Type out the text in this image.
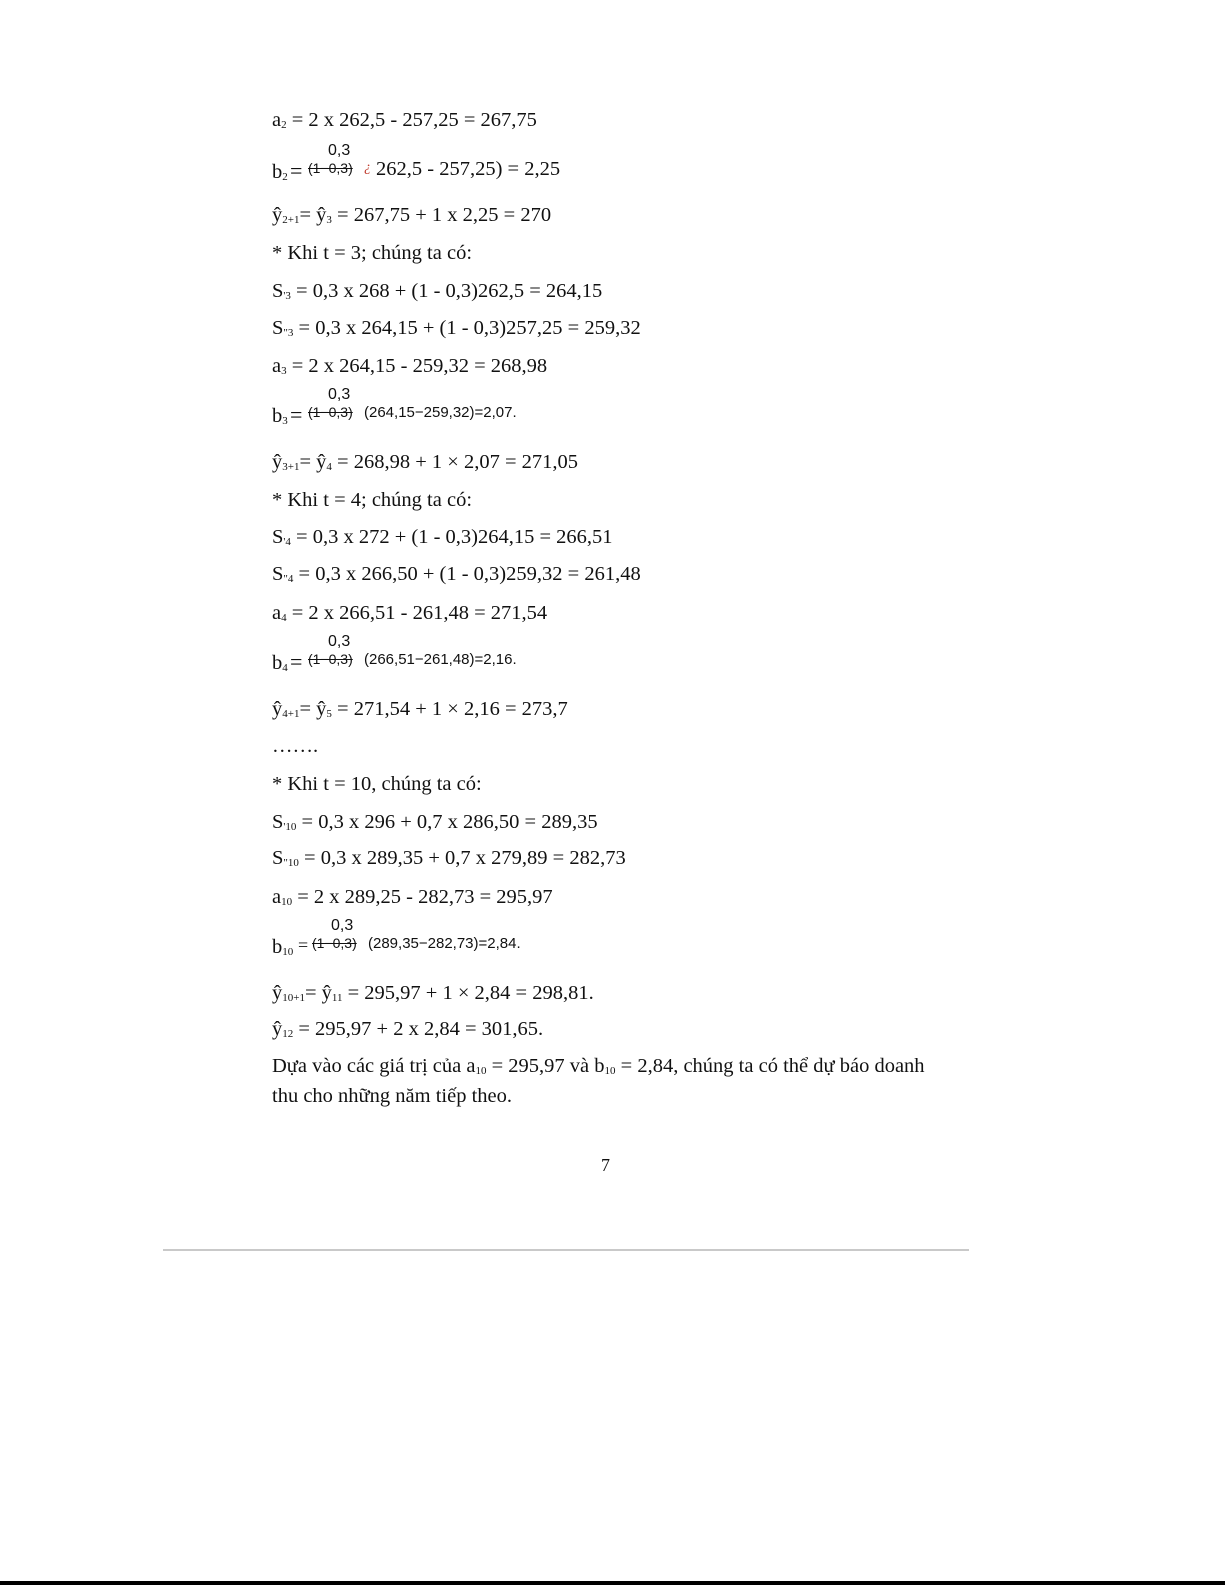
$a_2 = 2$ x 262,5 - 257,25 = 267,75
$b_2$ =
0,3
(1−0,3) ¿ 262,5 - 257,25) = 2,25
$ŷ_{2+1}=$ $ŷ_3 = 267,75 + 1$ x 2,25 = 270
* Khi t = 3; chúng ta có:
$S_{'3} = 0,3$ x 268 + (1 - 0,3)262,5 = 264,15
$S_{"3} = 0,3$ x 264,15 + (1 - 0,3)257,25 = 259,32
$a_3 = 2$ x 264,15 - 259,32 = 268,98
$b_3$ =
0,3
(1−0,3) (264,15−259,32)=2,07.
$ŷ_{3+1}=$ $ŷ_4 = 268,98 + 1 \times 2,07 = 271,05$
* Khi t = 4; chúng ta có:
$S_{'4} = 0,3$ x 272 + (1 - 0,3)264,15 = 266,51
$S_{"4} = 0,3$ x 266,50 + (1 - 0,3)259,32 = 261,48
$a_4 = 2$ x 266,51 - 261,48 = 271,54
$b_4$ =
0,3
(1−0,3) (266,51−261,48)=2,16.
$ŷ_{4+1}=$ $ŷ_5 = 271,54 + 1 \times 2,16 = 273,7$
…….
* Khi t = 10, chúng ta có:
$S_{'10} = 0,3$ x 296 + 0,7 x 286,50 = 289,35
$S_{"10} = 0,3$ x 289,35 + 0,7 x 279,89 = 282,73
$a_{10} = 2$ x 289,25 - 282,73 = 295,97
$b_{10}$ =
0,3
(1−0,3) (289,35−282,73)=2,84.
$ŷ_{10+1}=$ $ŷ_{11} = 295,97 + 1 \times 2,84 = 298,81$.
$ŷ_{12} = 295,97 + 2$ x 2,84 = 301,65.
Dựa vào các giá trị của $a_{10} = 295,97$ và $b_{10} = 2,84$, chúng ta có thể dự báo doanh
thu cho những năm tiếp theo.
7
